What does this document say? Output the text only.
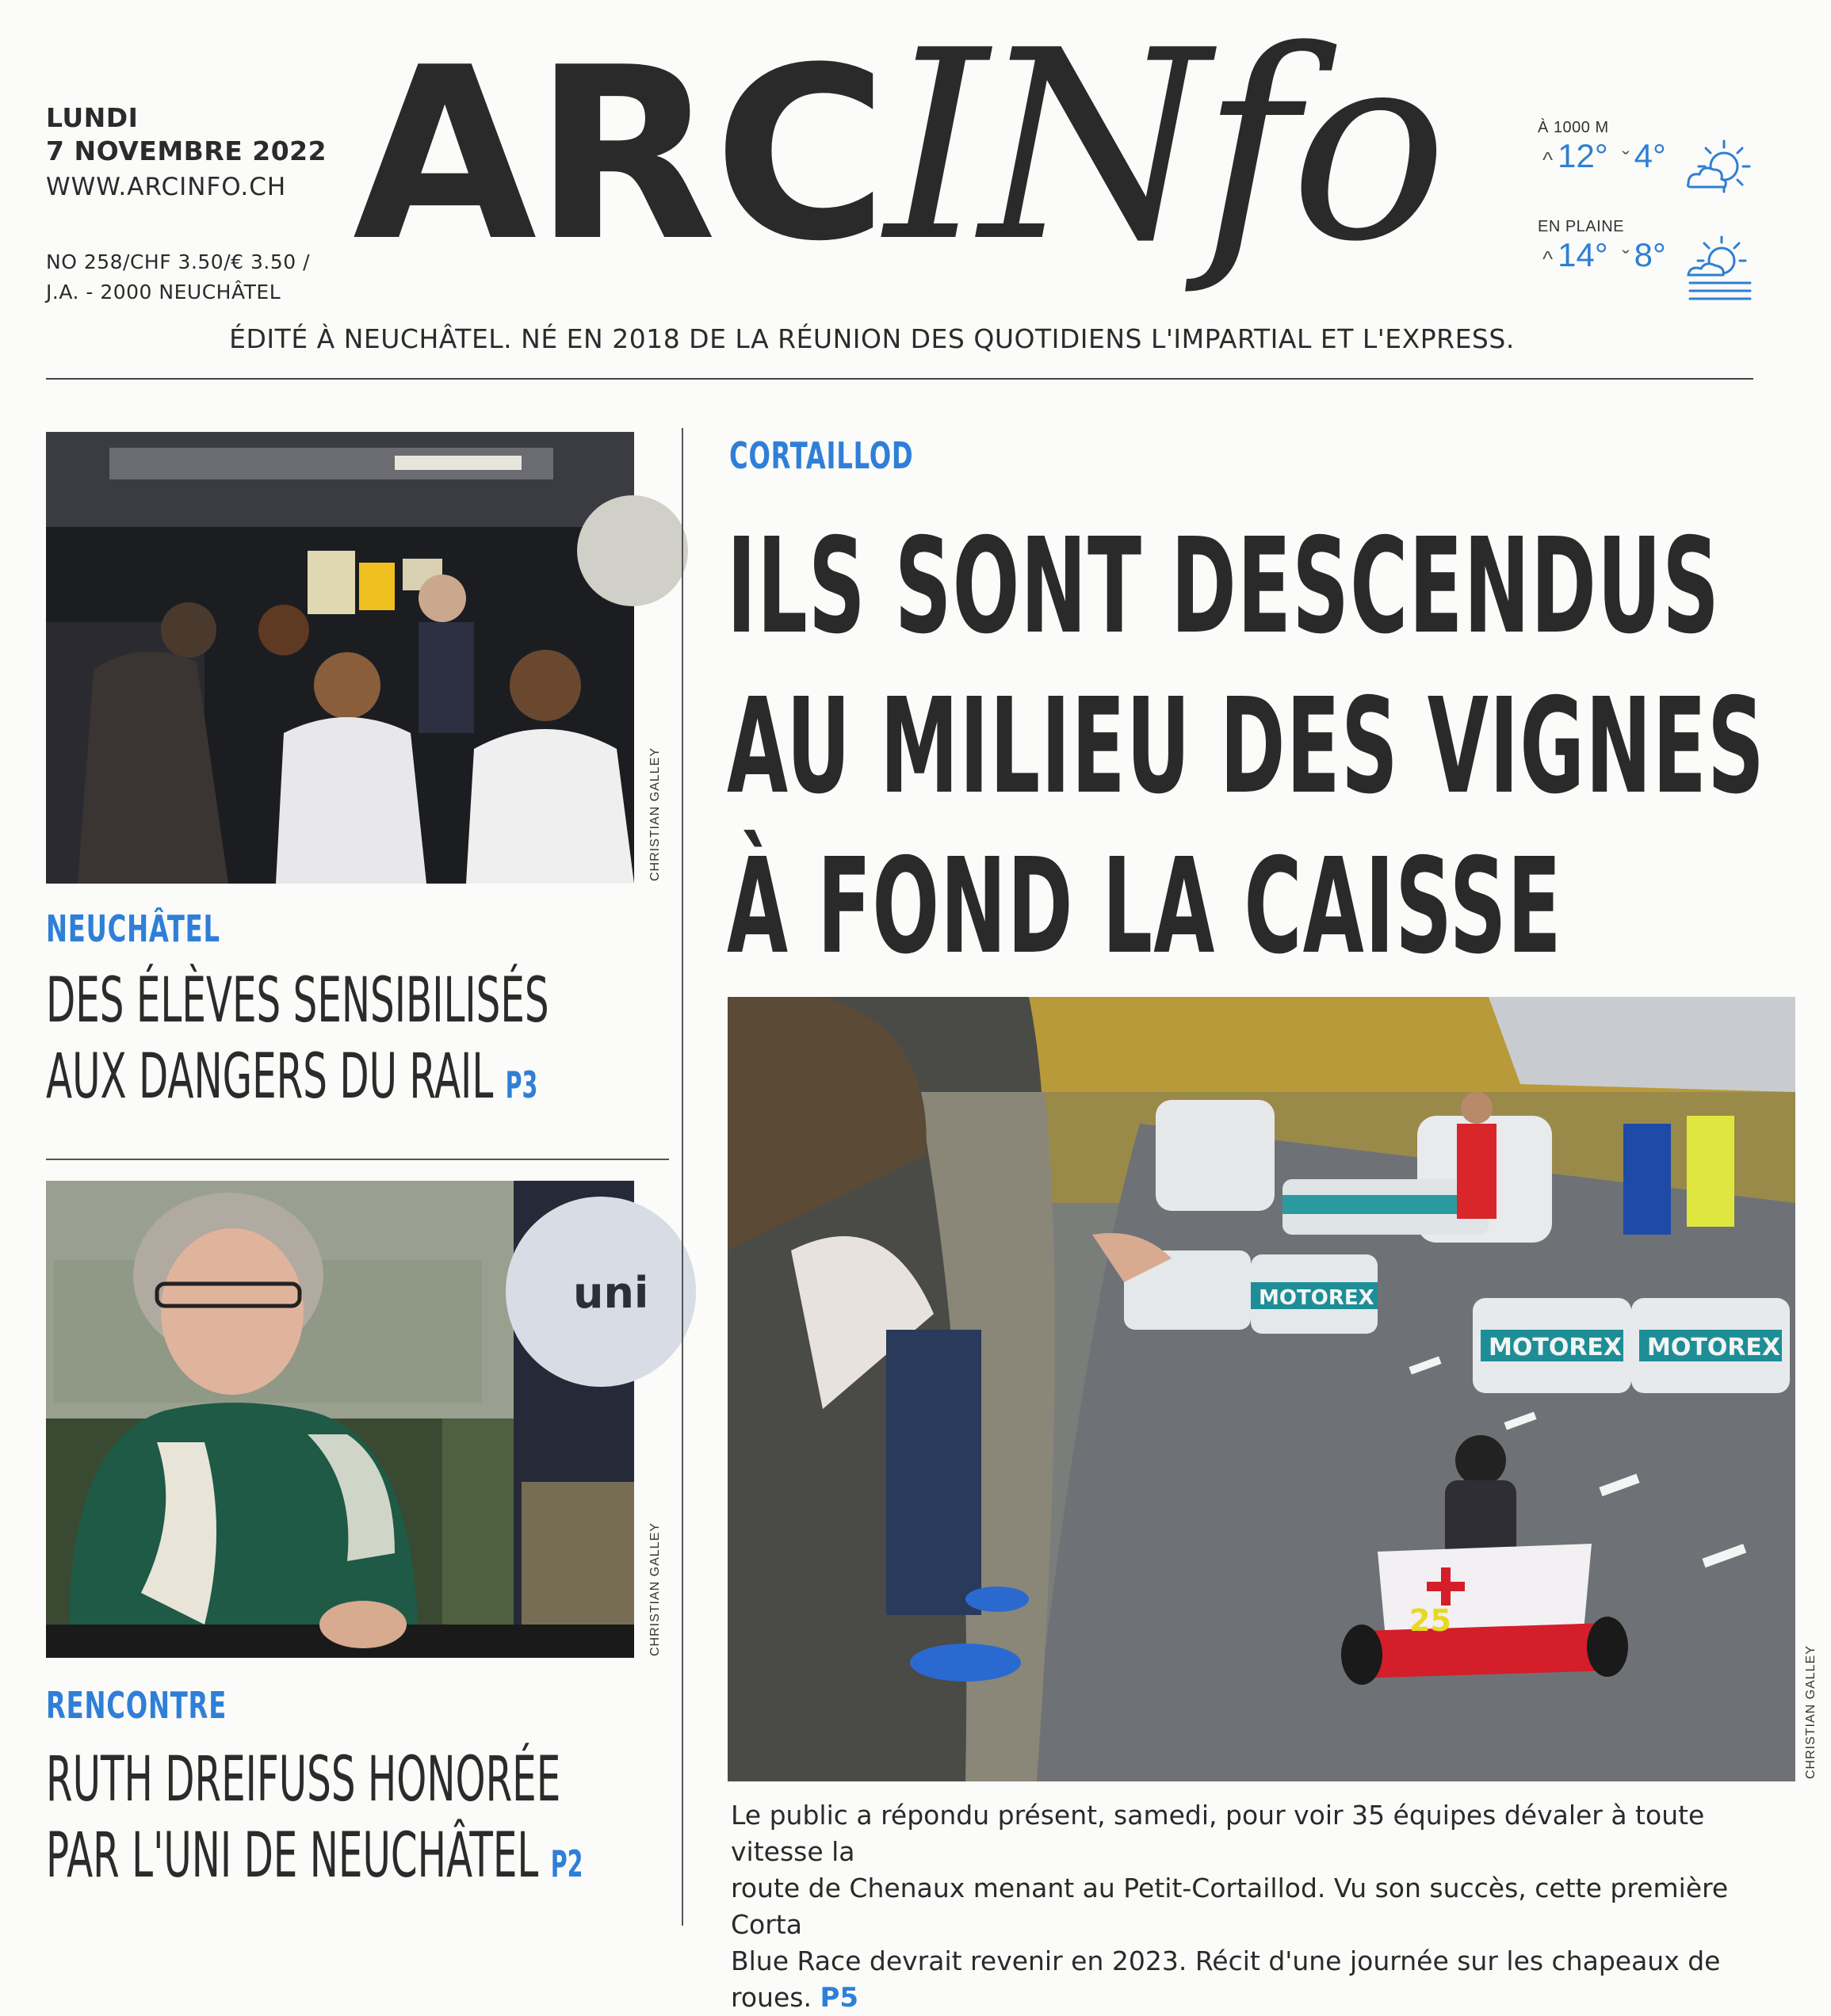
LUNDI
7 NOVEMBRE 2022
WWW.ARCINFO.CH
NO 258/CHF 3.50/€ 3.50 /
J.A. - 2000 NEUCHÂTEL ARCINfo	À 1000 M
^ 12° ˇ 4°
EN PLAINE
^ 14° ˇ 8°
ÉDITÉ À NEUCHÂTEL. NÉ EN 2018 DE LA RÉUNION DES QUOTIDIENS L'IMPARTIAL ET L'EXPRESS.
CHRISTIAN GALLEY
NEUCHÂTEL
DES ÉLÈVES SENSIBILISÉS
AUX DANGERS DU RAIL P3
uni
CHRISTIAN GALLEY
RENCONTRE
RUTH DREIFUSS HONORÉE
PAR L'UNI DE NEUCHÂTEL P2
CORTAILLOD
ILS SONT DESCENDUS
AU MILIEU DES VIGNES
À FOND LA CAISSE
MOTOREX
MOTOREX MOTOREX
25
CHRISTIAN GALLEY
Le public a répondu présent, samedi, pour voir 35 équipes dévaler à toute vitesse la
route de Chenaux menant au Petit-Cortaillod. Vu son succès, cette première Corta
Blue Race devrait revenir en 2023. Récit d'une journée sur les chapeaux de roues. P5
